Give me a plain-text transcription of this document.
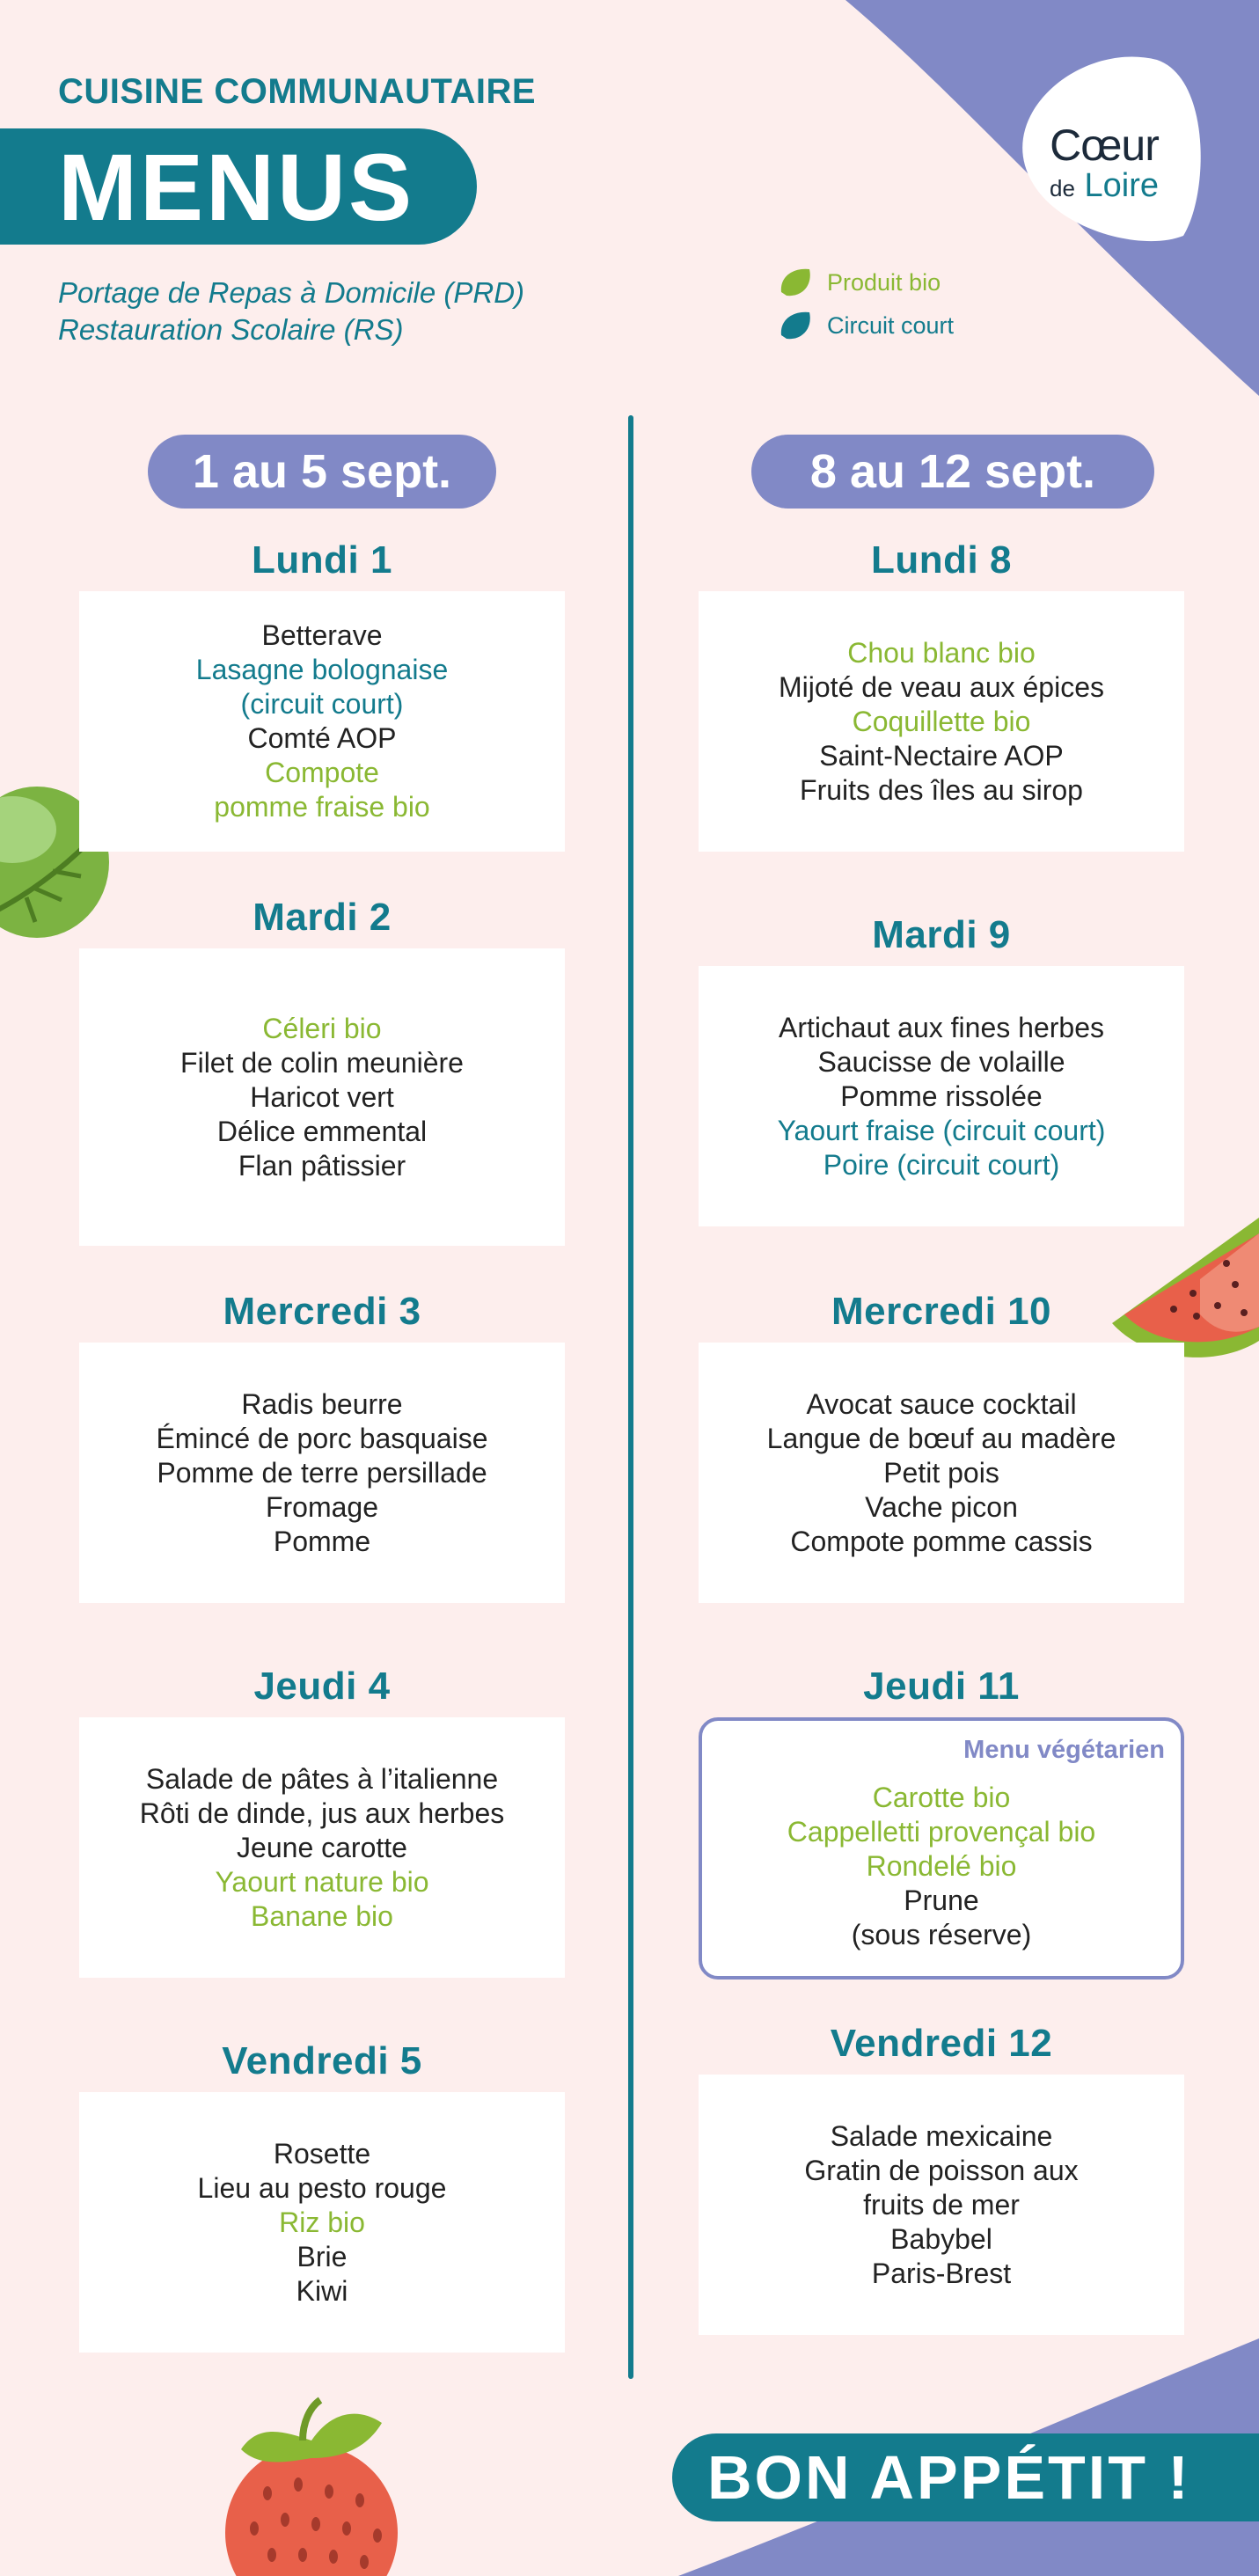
CUISINE COMMUNAUTAIRE
MENUS
Portage de Repas à Domicile (PRD)
Restauration Scolaire (RS)
Produit bio
Circuit court
Cœur
de Loire
1 au 5 sept.	8 au 12 sept.
Lundi 1
Betterave
Lasagne bolognaise
(circuit court)
Comté AOP
Compote
pomme fraise bio
Mardi 2
Céleri bio
Filet de colin meunière
Haricot vert
Délice emmental
Flan pâtissier
Mercredi 3
Radis beurre
Émincé de porc basquaise
Pomme de terre persillade
Fromage
Pomme
Jeudi 4
Salade de pâtes à l’italienne
Rôti de dinde, jus aux herbes
Jeune carotte
Yaourt nature bio
Banane bio
Vendredi 5
Rosette
Lieu au pesto rouge
Riz bio
Brie
Kiwi
Lundi 8
Chou blanc bio
Mijoté de veau aux épices
Coquillette bio
Saint-Nectaire AOP
Fruits des îles au sirop
Mardi 9
Artichaut aux fines herbes
Saucisse de volaille
Pomme rissolée
Yaourt fraise (circuit court)
Poire (circuit court)
Mercredi 10
Avocat sauce cocktail
Langue de bœuf au madère
Petit pois
Vache picon
Compote pomme cassis
Jeudi 11
Menu végétarien
Carotte bio
Cappelletti provençal bio
Rondelé bio
Prune
(sous réserve)
Vendredi 12
Salade mexicaine
Gratin de poisson aux
fruits de mer
Babybel
Paris-Brest
BON APPÉTIT !
